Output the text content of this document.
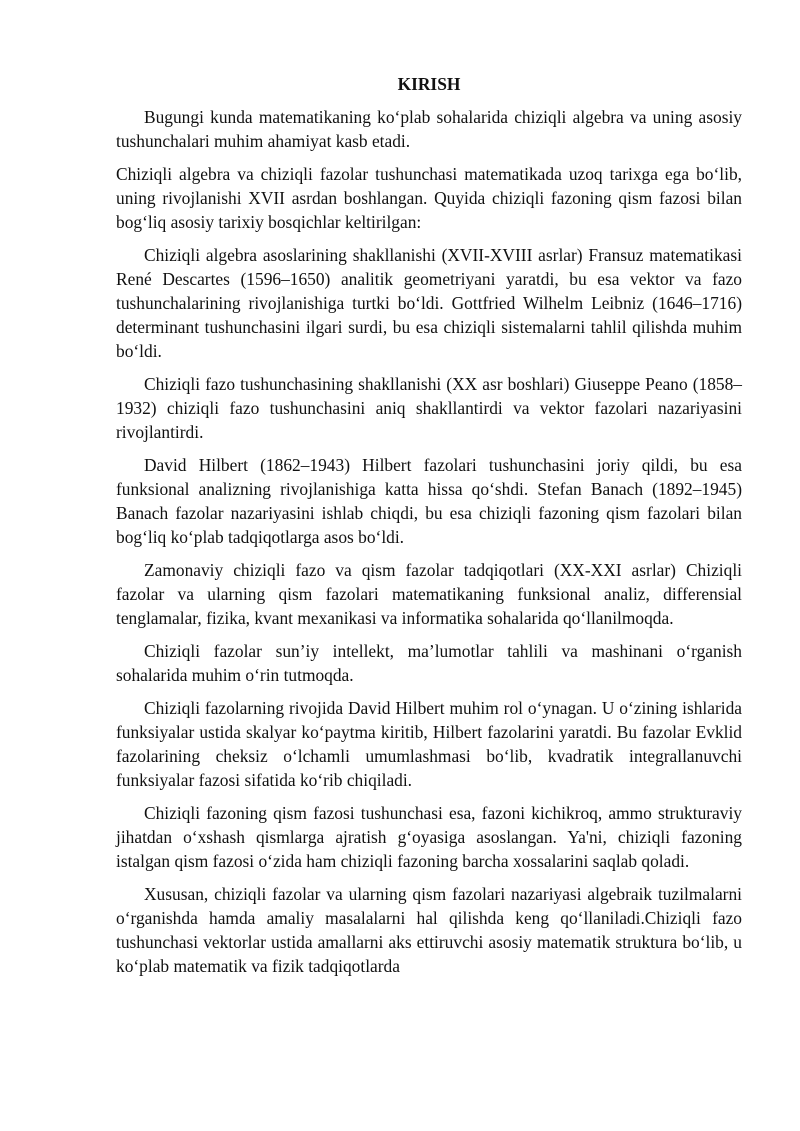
KIRISH

Bugungi kunda matematikaning ko‘plab sohalarida chiziqli algebra va uning asosiy tushunchalari muhim ahamiyat kasb etadi.

Chiziqli algebra va chiziqli fazolar tushunchasi matematikada uzoq tarixga ega bo‘lib, uning rivojlanishi XVII asrdan boshlangan. Quyida chiziqli fazoning qism fazosi bilan bog‘liq asosiy tarixiy bosqichlar keltirilgan:

Chiziqli algebra asoslarining shakllanishi (XVII-XVIII asrlar) Fransuz matematikasi René Descartes (1596–1650) analitik geometriyani yaratdi, bu esa vektor va fazo tushunchalarining rivojlanishiga turtki bo‘ldi. Gottfried Wilhelm Leibniz (1646–1716) determinant tushunchasini ilgari surdi, bu esa chiziqli sistemalarni tahlil qilishda muhim bo‘ldi.

Chiziqli fazo tushunchasining shakllanishi (XX asr boshlari) Giuseppe Peano (1858–1932) chiziqli fazo tushunchasini aniq shakllantirdi va vektor fazolari nazariyasini rivojlantirdi.

David Hilbert (1862–1943) Hilbert fazolari tushunchasini joriy qildi, bu esa funksional analizning rivojlanishiga katta hissa qo‘shdi. Stefan Banach (1892–1945) Banach fazolar nazariyasini ishlab chiqdi, bu esa chiziqli fazoning qism fazolari bilan bog‘liq ko‘plab tadqiqotlarga asos bo‘ldi.

Zamonaviy chiziqli fazo va qism fazolar tadqiqotlari (XX-XXI asrlar) Chiziqli fazolar va ularning qism fazolari matematikaning funksional analiz, differensial tenglamalar, fizika, kvant mexanikasi va informatika sohalarida qo‘llanilmoqda.

Chiziqli fazolar sun’iy intellekt, ma’lumotlar tahlili va mashinani o‘rganish sohalarida muhim o‘rin tutmoqda.

Chiziqli fazolarning rivojida David Hilbert muhim rol o‘ynagan. U o‘zining ishlarida funksiyalar ustida skalyar ko‘paytma kiritib, Hilbert fazolarini yaratdi. Bu fazolar Evklid fazolarining cheksiz o‘lchamli umumlashmasi bo‘lib, kvadratik integrallanuvchi funksiyalar fazosi sifatida ko‘rib chiqiladi.

Chiziqli fazoning qism fazosi tushunchasi esa, fazoni kichikroq, ammo strukturaviy jihatdan o‘xshash qismlarga ajratish g‘oyasiga asoslangan. Ya'ni, chiziqli fazoning istalgan qism fazosi o‘zida ham chiziqli fazoning barcha xossalarini saqlab qoladi.

Xususan, chiziqli fazolar va ularning qism fazolari nazariyasi algebraik tuzilmalarni o‘rganishda hamda amaliy masalalarni hal qilishda keng qo‘llaniladi.Chiziqli fazo tushunchasi vektorlar ustida amallarni aks ettiruvchi asosiy matematik struktura bo‘lib, u ko‘plab matematik va fizik tadqiqotlarda
